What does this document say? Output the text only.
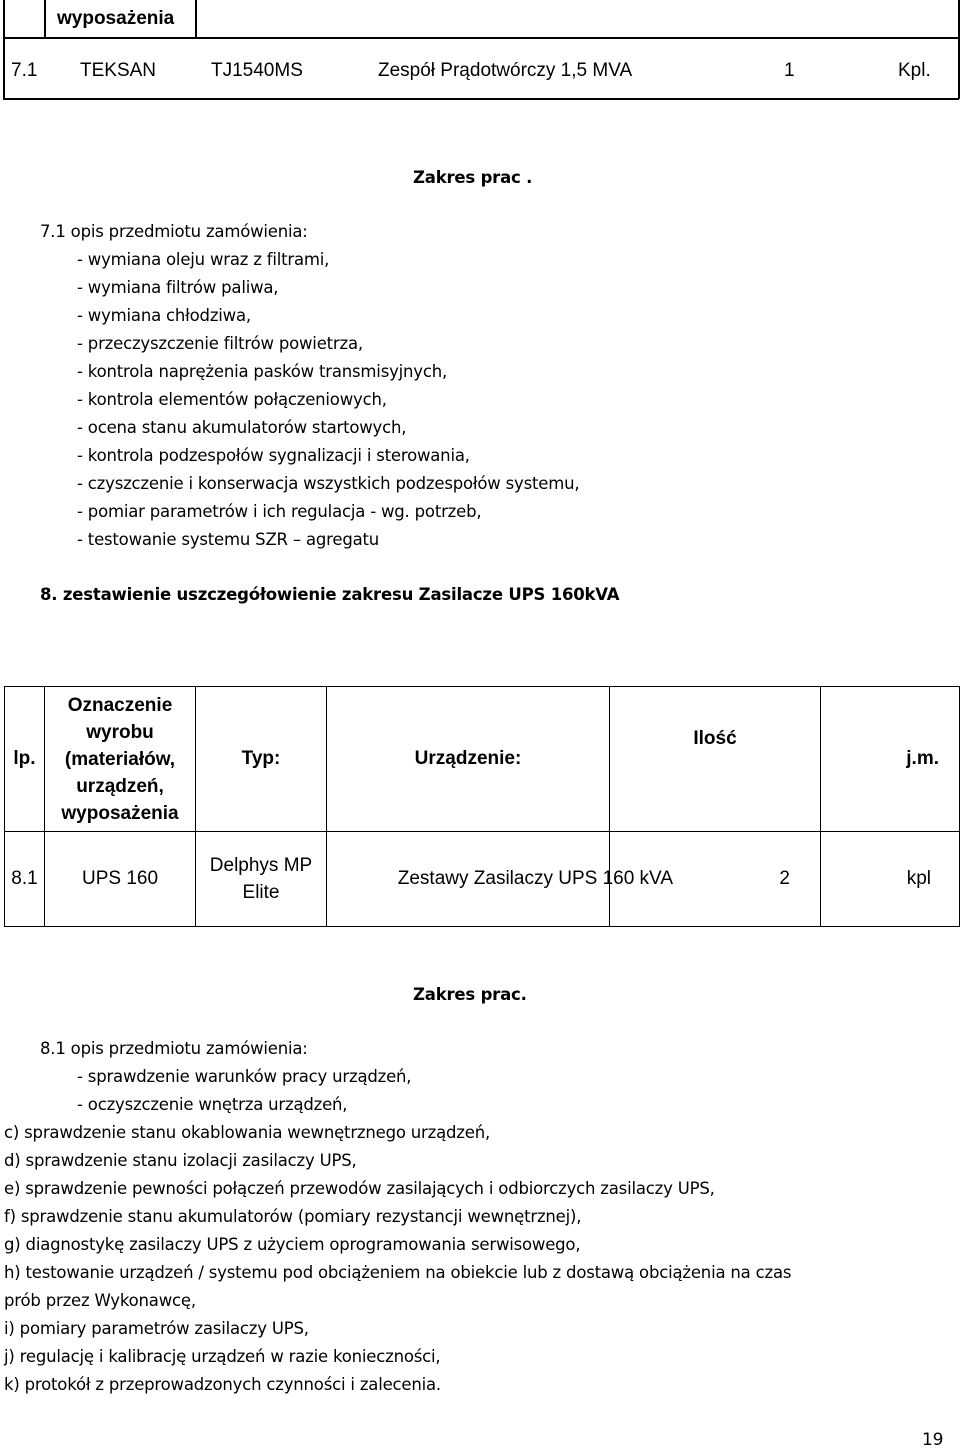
wyposażenia
7.1 TEKSAN	TJ1540MS	Zespół Prądotwórczy 1,5 MVA	1	Kpl.
Zakres prac .
7.1 opis przedmiotu zamówienia:
- wymiana oleju wraz z filtrami,
- wymiana filtrów paliwa,
- wymiana chłodziwa,
- przeczyszczenie filtrów powietrza,
- kontrola naprężenia pasków transmisyjnych,
- kontrola elementów połączeniowych,
- ocena stanu akumulatorów startowych,
- kontrola podzespołów sygnalizacji i sterowania,
- czyszczenie i konserwacja wszystkich podzespołów systemu,
- pomiar parametrów i ich regulacja - wg. potrzeb,
- testowanie systemu SZR – agregatu
8. zestawienie uszczegółowienie zakresu Zasilacze UPS 160kVA
lp.	Oznaczenie
wyrobu
(materiałów,
urządzeń,
wyposażenia	Typ:	Urządzenie:	Ilość	j.m.
8.1	UPS 160	Delphys MP
Elite	Zestawy Zasilaczy UPS 160 kVA	2	kpl
Zakres prac.
8.1 opis przedmiotu zamówienia:
- sprawdzenie warunków pracy urządzeń,
- oczyszczenie wnętrza urządzeń,
c) sprawdzenie stanu okablowania wewnętrznego urządzeń,
d) sprawdzenie stanu izolacji zasilaczy UPS,
e) sprawdzenie pewności połączeń przewodów zasilających i odbiorczych zasilaczy UPS,
f) sprawdzenie stanu akumulatorów (pomiary rezystancji wewnętrznej),
g) diagnostykę zasilaczy UPS z użyciem oprogramowania serwisowego,
h) testowanie urządzeń / systemu pod obciążeniem na obiekcie lub z dostawą obciążenia na czas
prób przez Wykonawcę,
i) pomiary parametrów zasilaczy UPS,
j) regulację i kalibrację urządzeń w razie konieczności,
k) protokół z przeprowadzonych czynności i zalecenia.
19
